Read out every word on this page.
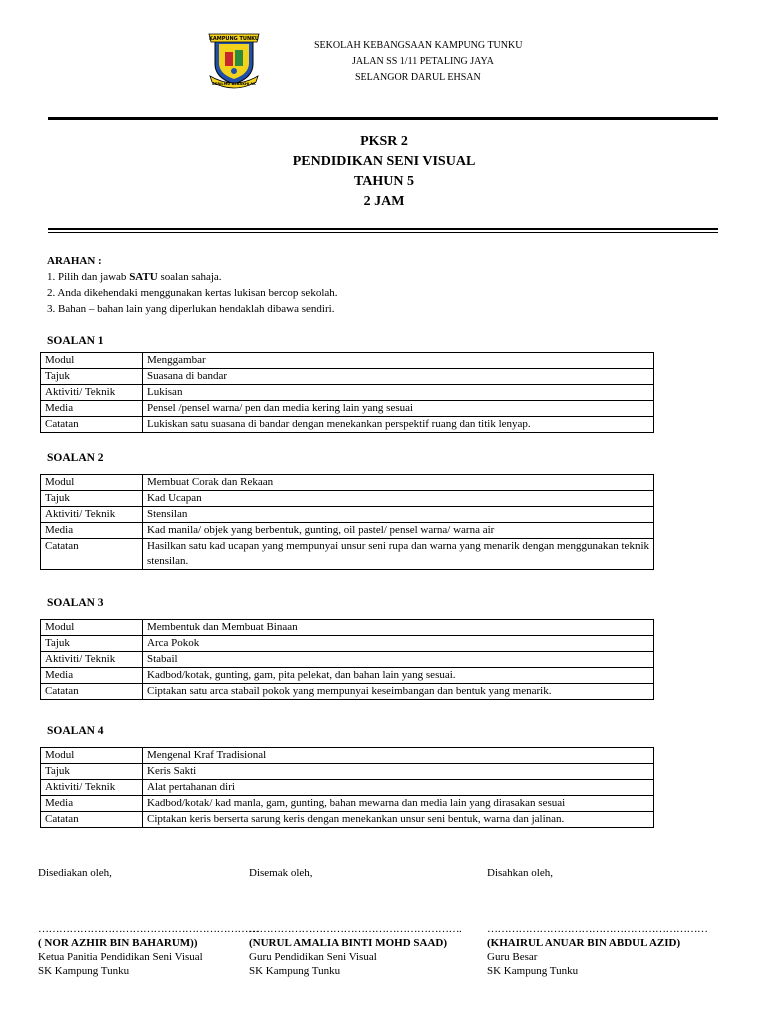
KAMPUNG TUNKU
BERILMU BERAKHLAK
SEKOLAH KEBANGSAAN KAMPUNG TUNKU
JALAN SS 1/11 PETALING JAYA
SELANGOR DARUL EHSAN
PKSR 2
PENDIDIKAN SENI VISUAL
TAHUN 5
2 JAM
ARAHAN :
1. Pilih dan jawab SATU soalan sahaja.
2. Anda dikehendaki menggunakan kertas lukisan bercop sekolah.
3. Bahan – bahan lain yang diperlukan hendaklah dibawa sendiri.
SOALAN 1
Modul	Menggambar
Tajuk	Suasana di bandar
Aktiviti/ Teknik	Lukisan
Media	Pensel /pensel warna/ pen dan media kering lain yang sesuai
Catatan	Lukiskan satu suasana di bandar dengan menekankan perspektif ruang dan titik lenyap.
SOALAN 2
Modul	Membuat Corak dan Rekaan
Tajuk	Kad Ucapan
Aktiviti/ Teknik	Stensilan
Media	Kad manila/ objek yang berbentuk, gunting, oil pastel/ pensel warna/ warna air
Catatan	Hasilkan satu kad ucapan yang mempunyai unsur seni rupa dan warna yang menarik dengan menggunakan teknik stensilan.
SOALAN 3
Modul	Membentuk dan Membuat Binaan
Tajuk	Arca Pokok
Aktiviti/ Teknik	Stabail
Media	Kadbod/kotak, gunting, gam, pita pelekat, dan bahan lain yang sesuai.
Catatan	Ciptakan satu arca stabail pokok yang mempunyai keseimbangan dan bentuk yang menarik.
SOALAN 4
Modul	Mengenal Kraf Tradisional
Tajuk	Keris Sakti
Aktiviti/ Teknik	Alat pertahanan diri
Media	Kadbod/kotak/ kad manla, gam, gunting, bahan mewarna dan media lain yang dirasakan sesuai
Catatan	Ciptakan keris berserta sarung keris dengan menekankan unsur seni bentuk, warna dan jalinan.
Disediakan oleh,	Disemak oleh,	Disahkan oleh,
………………………………………………………
……………………………………………………. ………………………………………………………
( NOR AZHIR BIN BAHARUM))	(NURUL AMALIA BINTI MOHD SAAD)	(KHAIRUL ANUAR BIN ABDUL AZID)
Ketua Panitia Pendidikan Seni Visual	Guru Pendidikan Seni Visual	Guru Besar
SK Kampung Tunku	SK Kampung Tunku	SK Kampung Tunku
